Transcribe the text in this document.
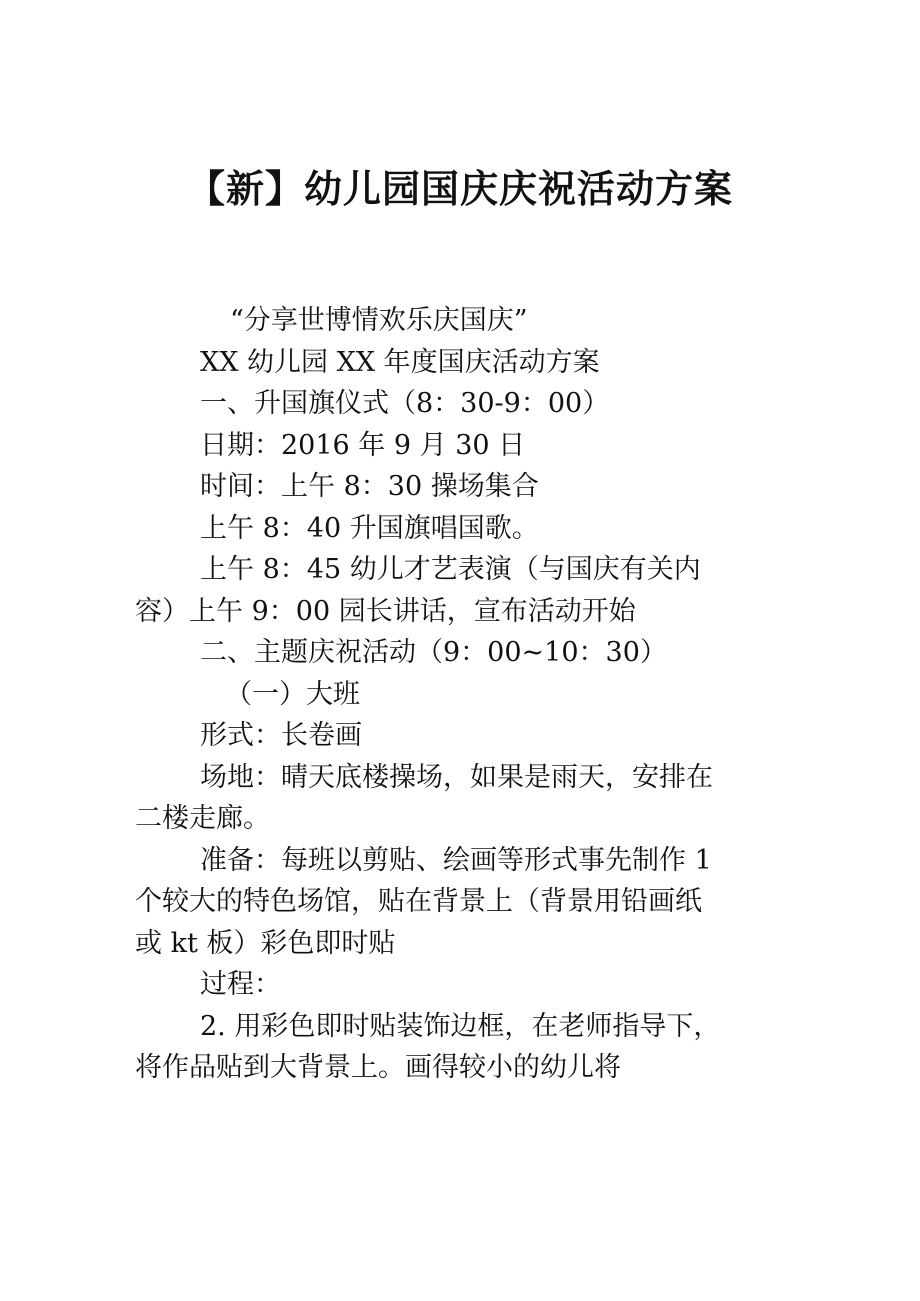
【新】幼儿园国庆庆祝活动方案
“分享世博情欢乐庆国庆”
XX 幼儿园 XX 年度国庆活动方案
一、升国旗仪式（8：30-9：00）
日期：2016 年 9 月 30 日
时间：上午 8：30 操场集合
上午 8：40 升国旗唱国歌。
上午 8：45 幼儿才艺表演（与国庆有关内
容）上午 9：00 园长讲话，宣布活动开始
二、主题庆祝活动（9：00~10：30）
（一）大班
形式：长卷画
场地：晴天底楼操场，如果是雨天，安排在
二楼走廊。
准备：每班以剪贴、绘画等形式事先制作 1
个较大的特色场馆，贴在背景上（背景用铅画纸
或 kt 板）彩色即时贴
过程：
2. 用彩色即时贴装饰边框，在老师指导下，
将作品贴到大背景上。画得较小的幼儿将
